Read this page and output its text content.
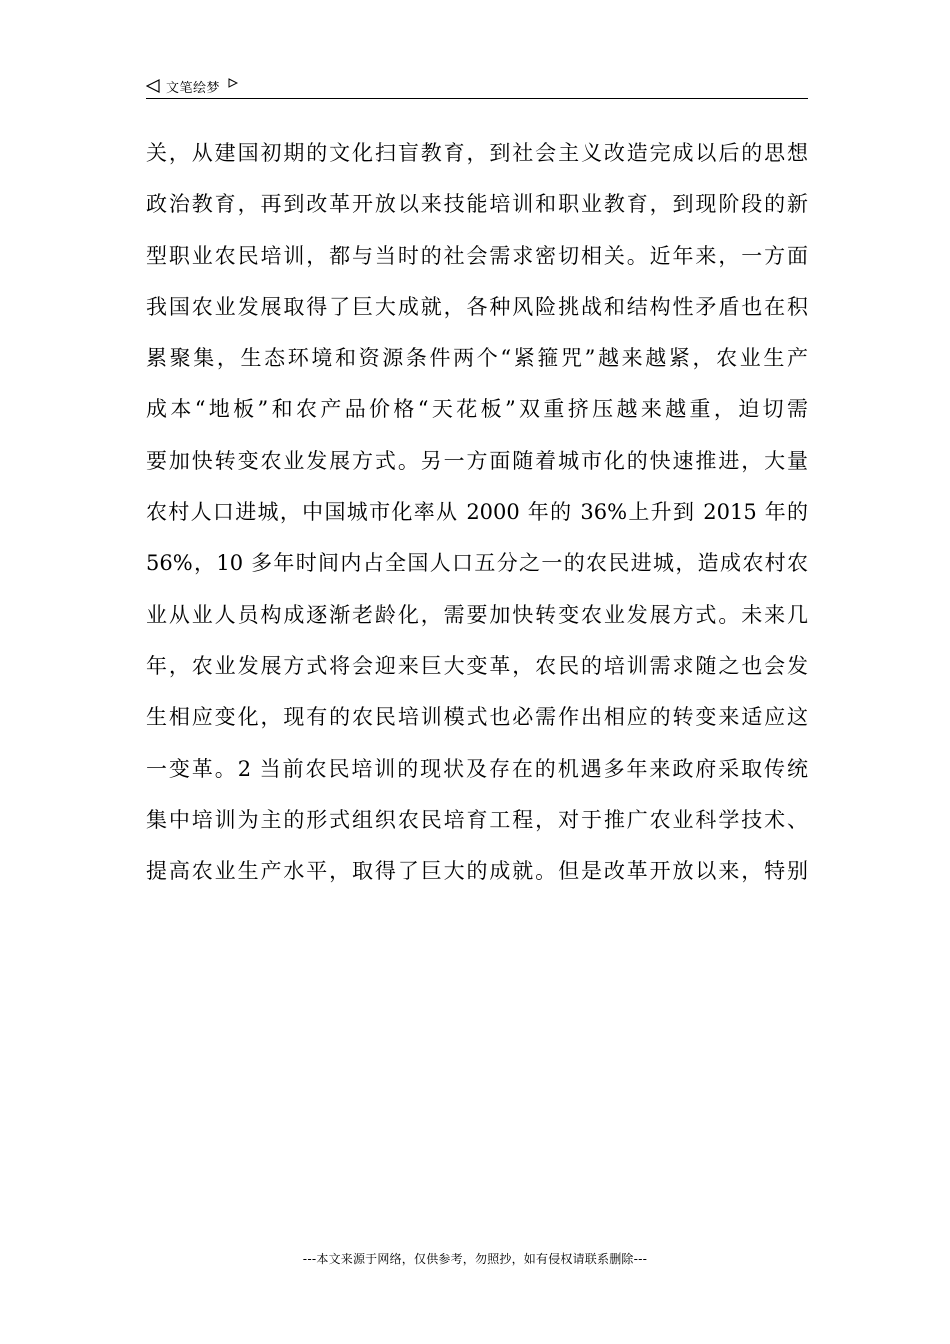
文笔绘梦

关，从建国初期的文化扫盲教育，到社会主义改造完成以后的思想

政治教育，再到改革开放以来技能培训和职业教育，到现阶段的新

型职业农民培训，都与当时的社会需求密切相关。近年来，一方面

我国农业发展取得了巨大成就，各种风险挑战和结构性矛盾也在积

累聚集，生态环境和资源条件两个“紧箍咒”越来越紧，农业生产

成本“地板”和农产品价格“天花板”双重挤压越来越重，迫切需

要加快转变农业发展方式。另一方面随着城市化的快速推进，大量

农村人口进城，中国城市化率从 2000 年的 36%上升到 2015 年的

56%，10 多年时间内占全国人口五分之一的农民进城，造成农村农

业从业人员构成逐渐老龄化，需要加快转变农业发展方式。未来几

年，农业发展方式将会迎来巨大变革，农民的培训需求随之也会发

生相应变化，现有的农民培训模式也必需作出相应的转变来适应这

一变革。2 当前农民培训的现状及存在的机遇多年来政府采取传统

集中培训为主的形式组织农民培育工程，对于推广农业科学技术、

提高农业生产水平，取得了巨大的成就。但是改革开放以来，特别

---本文来源于网络，仅供参考，勿照抄，如有侵权请联系删除---
